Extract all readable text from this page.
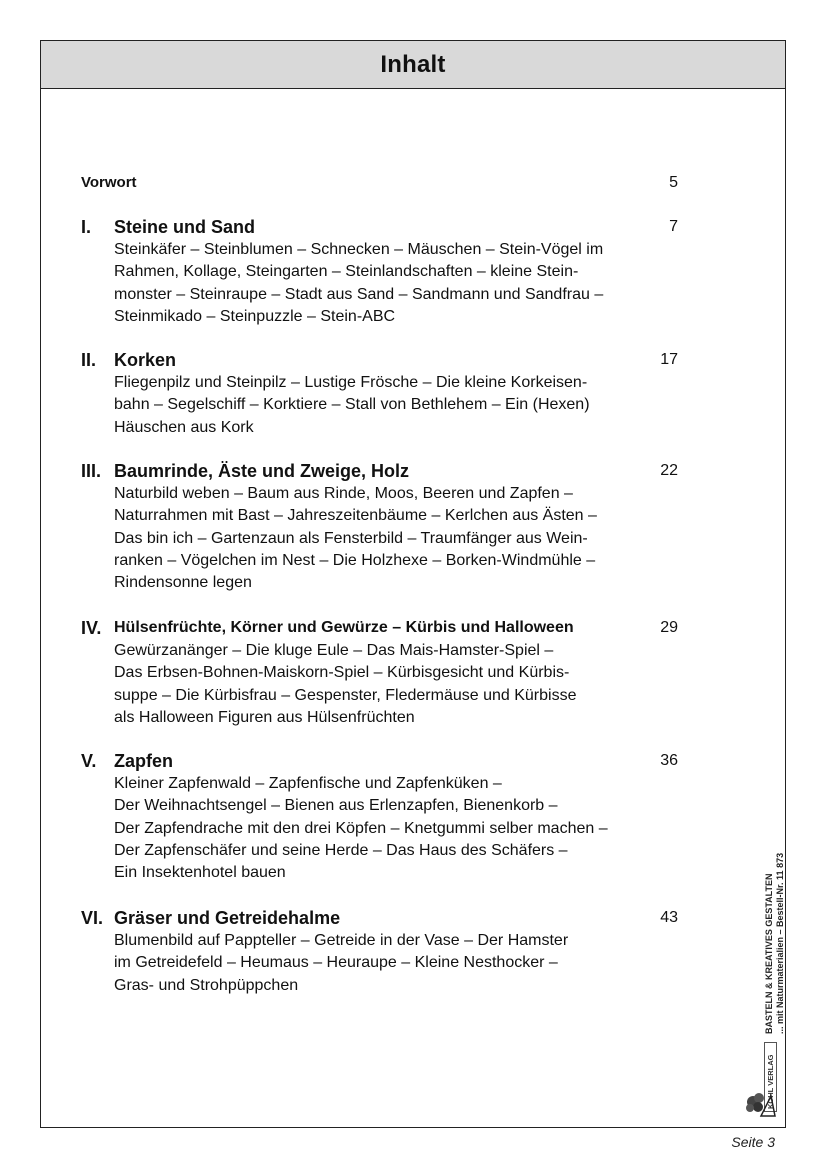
Inhalt
Vorwort	5
I. Steine und Sand	7
Steinkäfer – Steinblumen – Schnecken – Mäuschen – Stein-Vögel im
Rahmen, Kollage, Steingarten – Steinlandschaften – kleine Stein-
monster – Steinraupe – Stadt aus Sand – Sandmann und Sandfrau –
Steinmikado – Steinpuzzle – Stein-ABC
II. Korken	17
Fliegenpilz und Steinpilz – Lustige Frösche – Die kleine Korkeisen-
bahn – Segelschiff – Korktiere – Stall von Bethlehem – Ein (Hexen)
Häuschen aus Kork
III. Baumrinde, Äste und Zweige, Holz	22
Naturbild weben – Baum aus Rinde, Moos, Beeren und Zapfen –
Naturrahmen mit Bast – Jahreszeitenbäume – Kerlchen aus Ästen –
Das bin ich – Gartenzaun als Fensterbild – Traumfänger aus Wein-
ranken – Vögelchen im Nest – Die Holzhexe – Borken-Windmühle –
Rindensonne legen
IV. Hülsenfrüchte, Körner und Gewürze – Kürbis und Halloween	29
Gewürzanänger – Die kluge Eule – Das Mais-Hamster-Spiel –
Das Erbsen-Bohnen-Maiskorn-Spiel – Kürbisgesicht und Kürbis-
suppe – Die Kürbisfrau – Gespenster, Fledermäuse und Kürbisse
als Halloween Figuren aus Hülsenfrüchten
V. Zapfen	36
Kleiner Zapfenwald – Zapfenfische und Zapfenküken –
Der Weihnachtsengel – Bienen aus Erlenzapfen, Bienenkorb –
Der Zapfendrache mit den drei Köpfen – Knetgummi selber machen –
Der Zapfenschäfer und seine Herde – Das Haus des Schäfers –
Ein Insektenhotel bauen
VI. Gräser und Getreidehalme	43
Blumenbild auf Pappteller – Getreide in der Vase – Der Hamster
im Getreidefeld – Heumaus – Heuraupe – Kleine Nesthocker –
Gras- und Strohpüppchen	BASTELN & KREATIVES GESTALTEN ... mit Naturmaterialien – Bestell-Nr. 11 873
KOHL VERLAG
Seite 3
